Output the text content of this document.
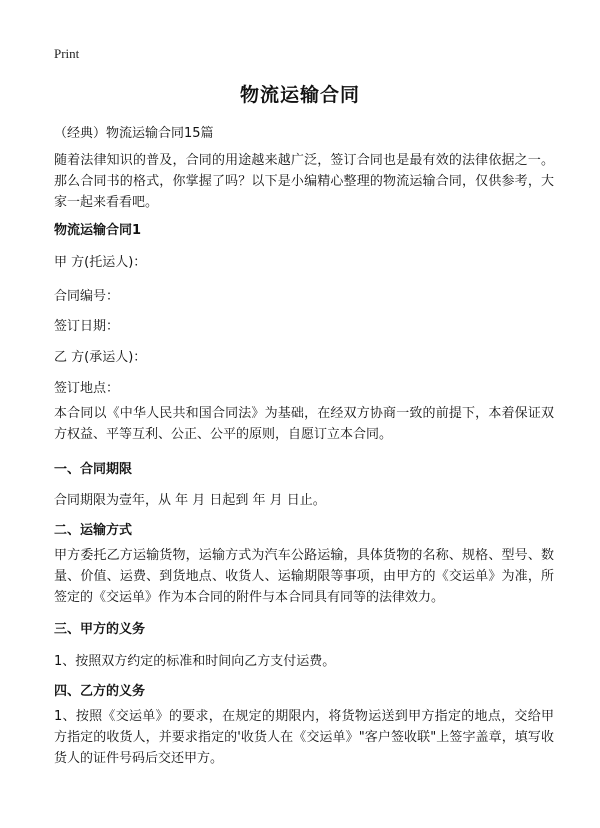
Print
物流运输合同
（经典）物流运输合同15篇
随着法律知识的普及，合同的用途越来越广泛，签订合同也是最有效的法律依据之一。那么合同书的格式，你掌握了吗？以下是小编精心整理的物流运输合同，仅供参考，大家一起来看看吧。
物流运输合同1
甲 方(托运人)：
合同编号：
签订日期：
乙 方(承运人)：
签订地点：
本合同以《中华人民共和国合同法》为基础，在经双方协商一致的前提下，本着保证双方权益、平等互利、公正、公平的原则，自愿订立本合同。
一、合同期限
合同期限为壹年，从 年 月 日起到 年 月 日止。
二、运输方式
甲方委托乙方运输货物，运输方式为汽车公路运输，具体货物的名称、规格、型号、数量、价值、运费、到货地点、收货人、运输期限等事项，由甲方的《交运单》为准，所签定的《交运单》作为本合同的附件与本合同具有同等的法律效力。
三、甲方的义务
1、按照双方约定的标准和时间向乙方支付运费。
四、乙方的义务
1、按照《交运单》的要求，在规定的期限内，将货物运送到甲方指定的地点，交给甲方指定的收货人，并要求指定的'收货人在《交运单》"客户签收联"上签字盖章，填写收货人的证件号码后交还甲方。
